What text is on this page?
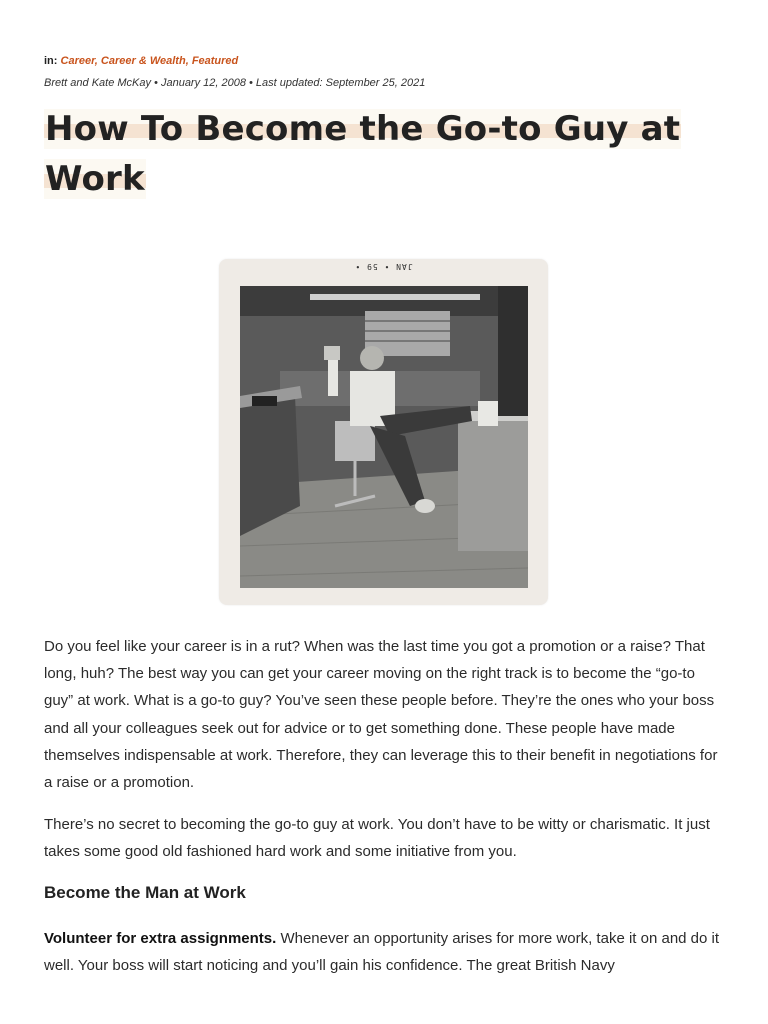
in: Career, Career & Wealth, Featured
Brett and Kate McKay • January 12, 2008 • Last updated: September 25, 2021
How To Become the Go-to Guy at
Work
JAN • 59 •

Do you feel like your career is in a rut? When was the last time you got a promotion or a raise? That long, huh? The best way you can get your career moving on the right track is to become the “go-to guy” at work. What is a go-to guy? You’ve seen these people before. They’re the ones who your boss and all your colleagues seek out for advice or to get something done. These people have made themselves indispensable at work. Therefore, they can leverage this to their benefit in negotiations for a raise or a promotion.

There’s no secret to becoming the go-to guy at work. You don’t have to be witty or charismatic. It just takes some good old fashioned hard work and some initiative from you.

Become the Man at Work

Volunteer for extra assignments. Whenever an opportunity arises for more work, take it on and do it well. Your boss will start noticing and you’ll gain his confidence. The great British Navy
